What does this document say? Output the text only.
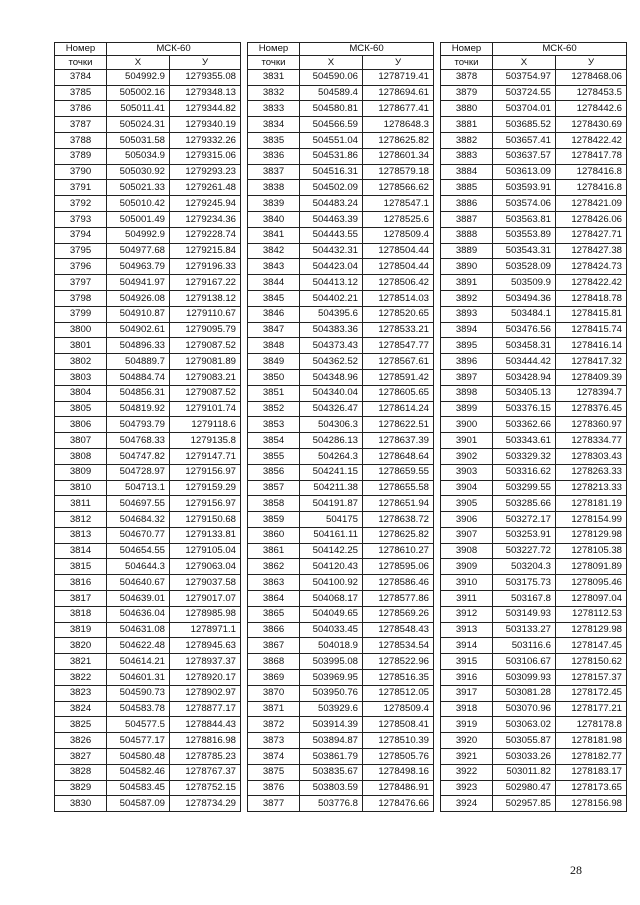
Номер	МСК-60	
точки	X	У
3784	504992.9	1279355.08
3785	505002.16	1279348.13
3786	505011.41	1279344.82
3787	505024.31	1279340.19
3788	505031.58	1279332.26
3789	505034.9	1279315.06
3790	505030.92	1279293.23
3791	505021.33	1279261.48
3792	505010.42	1279245.94
3793	505001.49	1279234.36
3794	504992.9	1279228.74
3795	504977.68	1279215.84
3796	504963.79	1279196.33
3797	504941.97	1279167.22
3798	504926.08	1279138.12
3799	504910.87	1279110.67
3800	504902.61	1279095.79
3801	504896.33	1279087.52
3802	504889.7	1279081.89
3803	504884.74	1279083.21
3804	504856.31	1279087.52
3805	504819.92	1279101.74
3806	504793.79	1279118.6
3807	504768.33	1279135.8
3808	504747.82	1279147.71
3809	504728.97	1279156.97
3810	504713.1	1279159.29
3811	504697.55	1279156.97
3812	504684.32	1279150.68
3813	504670.77	1279133.81
3814	504654.55	1279105.04
3815	504644.3	1279063.04
3816	504640.67	1279037.58
3817	504639.01	1279017.07
3818	504636.04	1278985.98
3819	504631.08	1278971.1
3820	504622.48	1278945.63
3821	504614.21	1278937.37
3822	504601.31	1278920.17
3823	504590.73	1278902.97
3824	504583.78	1278877.17
3825	504577.5	1278844.43
3826	504577.17	1278816.98
3827	504580.48	1278785.23
3828	504582.46	1278767.37
3829	504583.45	1278752.15
3830	504587.09	1278734.29
Номер	МСК-60	
точки	X	У
3831	504590.06	1278719.41
3832	504589.4	1278694.61
3833	504580.81	1278677.41
3834	504566.59	1278648.3
3835	504551.04	1278625.82
3836	504531.86	1278601.34
3837	504516.31	1278579.18
3838	504502.09	1278566.62
3839	504483.24	1278547.1
3840	504463.39	1278525.6
3841	504443.55	1278509.4
3842	504432.31	1278504.44
3843	504423.04	1278504.44
3844	504413.12	1278506.42
3845	504402.21	1278514.03
3846	504395.6	1278520.65
3847	504383.36	1278533.21
3848	504373.43	1278547.77
3849	504362.52	1278567.61
3850	504348.96	1278591.42
3851	504340.04	1278605.65
3852	504326.47	1278614.24
3853	504306.3	1278622.51
3854	504286.13	1278637.39
3855	504264.3	1278648.64
3856	504241.15	1278659.55
3857	504211.38	1278655.58
3858	504191.87	1278651.94
3859	504175	1278638.72
3860	504161.11	1278625.82
3861	504142.25	1278610.27
3862	504120.43	1278595.06
3863	504100.92	1278586.46
3864	504068.17	1278577.86
3865	504049.65	1278569.26
3866	504033.45	1278548.43
3867	504018.9	1278534.54
3868	503995.08	1278522.96
3869	503969.95	1278516.35
3870	503950.76	1278512.05
3871	503929.6	1278509.4
3872	503914.39	1278508.41
3873	503894.87	1278510.39
3874	503861.79	1278505.76
3875	503835.67	1278498.16
3876	503803.59	1278486.91
3877	503776.8	1278476.66
Номер	МСК-60	
точки	X	У
3878	503754.97	1278468.06
3879	503724.55	1278453.5
3880	503704.01	1278442.6
3881	503685.52	1278430.69
3882	503657.41	1278422.42
3883	503637.57	1278417.78
3884	503613.09	1278416.8
3885	503593.91	1278416.8
3886	503574.06	1278421.09
3887	503563.81	1278426.06
3888	503553.89	1278427.71
3889	503543.31	1278427.38
3890	503528.09	1278424.73
3891	503509.9	1278422.42
3892	503494.36	1278418.78
3893	503484.1	1278415.81
3894	503476.56	1278415.74
3895	503458.31	1278416.14
3896	503444.42	1278417.32
3897	503428.94	1278409.39
3898	503405.13	1278394.7
3899	503376.15	1278376.45
3900	503362.66	1278360.97
3901	503343.61	1278334.77
3902	503329.32	1278303.43
3903	503316.62	1278263.33
3904	503299.55	1278213.33
3905	503285.66	1278181.19
3906	503272.17	1278154.99
3907	503253.91	1278129.98
3908	503227.72	1278105.38
3909	503204.3	1278091.89
3910	503175.73	1278095.46
3911	503167.8	1278097.04
3912	503149.93	1278112.53
3913	503133.27	1278129.98
3914	503116.6	1278147.45
3915	503106.67	1278150.62
3916	503099.93	1278157.37
3917	503081.28	1278172.45
3918	503070.96	1278177.21
3919	503063.02	1278178.8
3920	503055.87	1278181.98
3921	503033.26	1278182.77
3922	503011.82	1278183.17
3923	502980.47	1278173.65
3924	502957.85	1278156.98
28
